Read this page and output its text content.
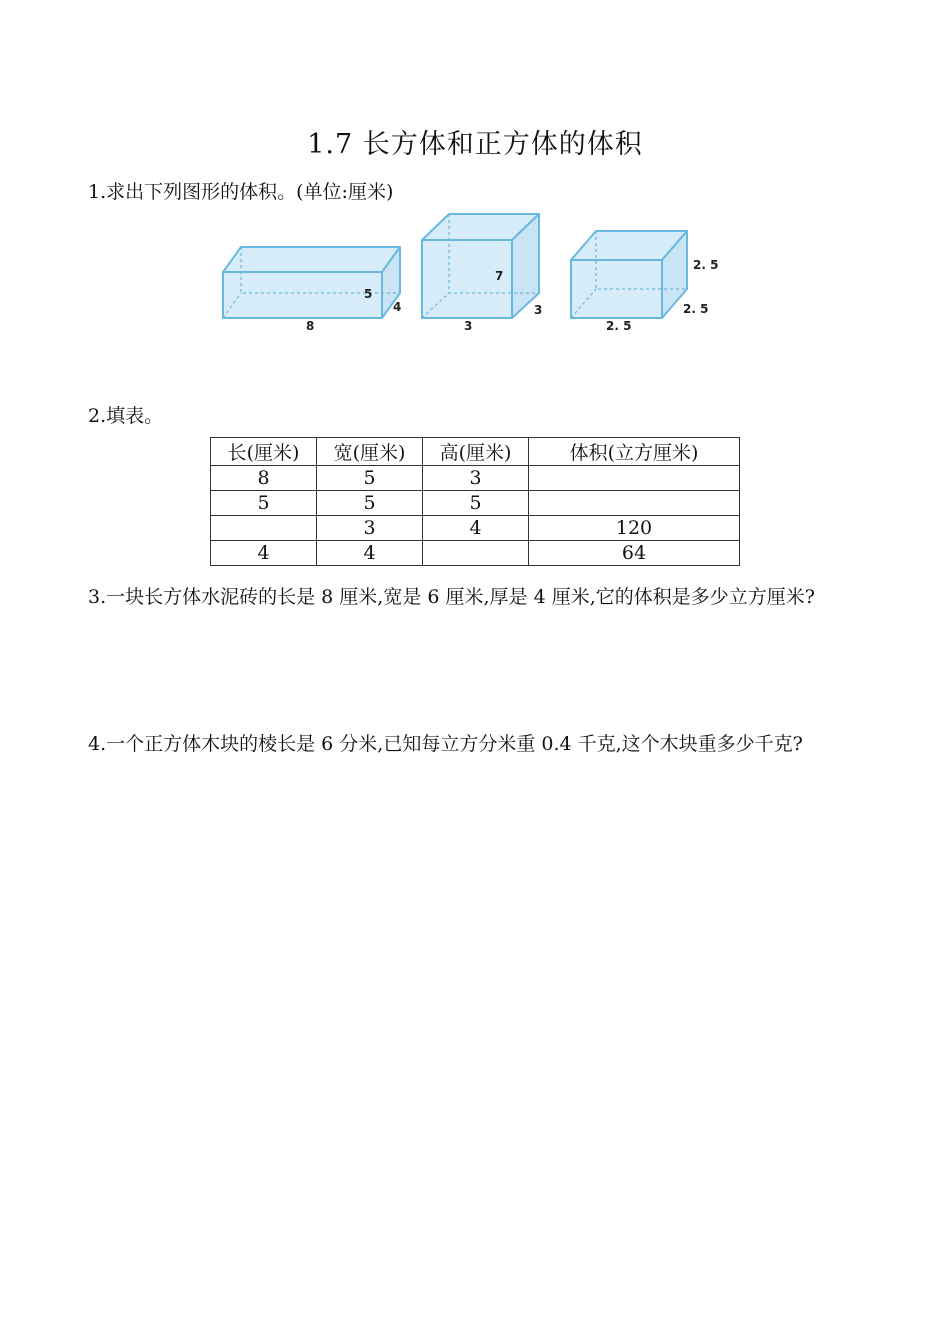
1.7 长方体和正方体的体积
1.求出下列图形的体积。(单位:厘米)
8
4
5
3
3
7
2. 5
2. 5
2. 5
2.填表。
长(厘米)	宽(厘米)	高(厘米)	体积(立方厘米)
8	5	3	
5	5	5	
	3	4	120
4	4		64
3.一块长方体水泥砖的长是 8 厘米,宽是 6 厘米,厚是 4 厘米,它的体积是多少立方厘米?
4.一个正方体木块的棱长是 6 分米,已知每立方分米重 0.4 千克,这个木块重多少千克?
